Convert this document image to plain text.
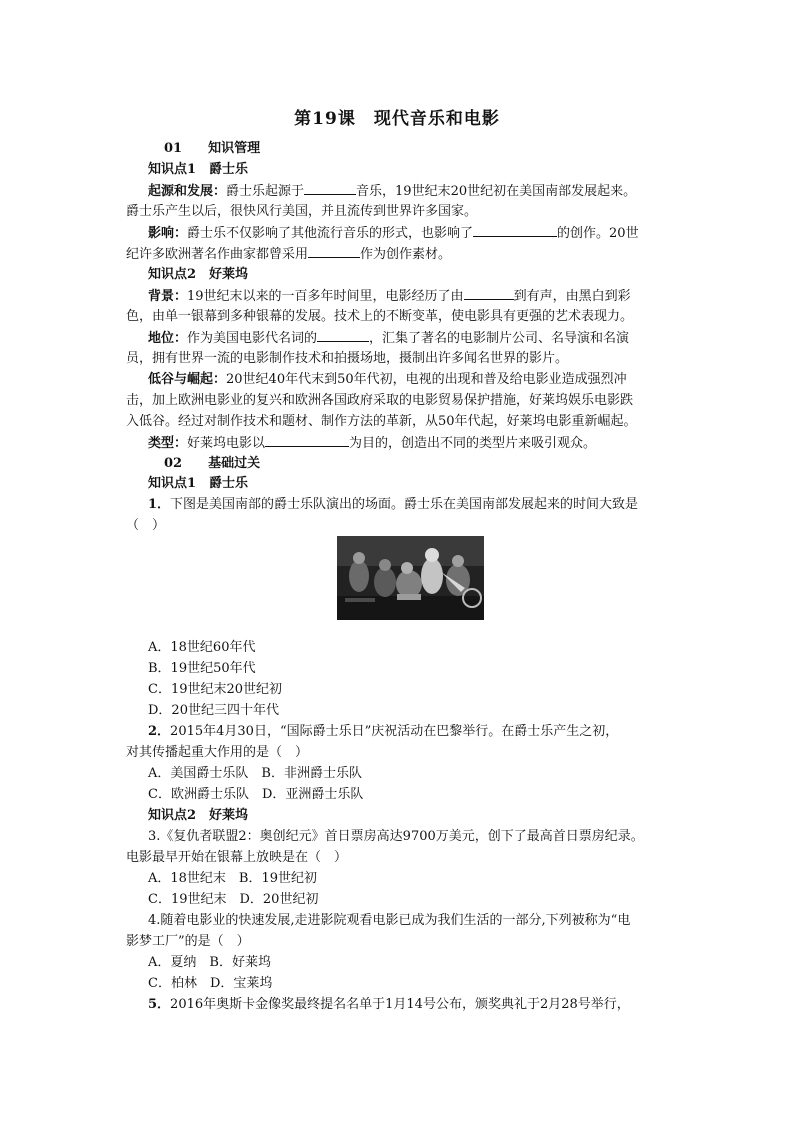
第19课　现代音乐和电影
01　　知识管理
知识点1　爵士乐
起源和发展：爵士乐起源于	音乐，19世纪末20世纪初在美国南部发展起来。
爵士乐产生以后，很快风行美国，并且流传到世界许多国家。
影响：爵士乐不仅影响了其他流行音乐的形式，也影响了	的创作。20世
纪许多欧洲著名作曲家都曾采用	作为创作素材。
知识点2　好莱坞
背景：19世纪末以来的一百多年时间里，电影经历了由	到有声，由黑白到彩
色，由单一银幕到多种银幕的发展。技术上的不断变革，使电影具有更强的艺术表现力。
地位：作为美国电影代名词的	，汇集了著名的电影制片公司、名导演和名演
员，拥有世界一流的电影制作技术和拍摄场地，摄制出许多闻名世界的影片。
低谷与崛起：20世纪40年代末到50年代初，电视的出现和普及给电影业造成强烈冲
击，加上欧洲电影业的复兴和欧洲各国政府采取的电影贸易保护措施，好莱坞娱乐电影跌
入低谷。经过对制作技术和题材、制作方法的革新，从50年代起，好莱坞电影重新崛起。
类型：好莱坞电影以	为目的，创造出不同的类型片来吸引观众。
02　　基础过关
知识点1　爵士乐
1．下图是美国南部的爵士乐队演出的场面。爵士乐在美国南部发展起来的时间大致是
（　）
A．18世纪60年代
B．19世纪50年代
C．19世纪末20世纪初
D．20世纪三四十年代
2．2015年4月30日，“国际爵士乐日”庆祝活动在巴黎举行。在爵士乐产生之初，
对其传播起重大作用的是（　）
A．美国爵士乐队　B．非洲爵士乐队
C．欧洲爵士乐队　D．亚洲爵士乐队
知识点2　好莱坞
3.《复仇者联盟2：奥创纪元》首日票房高达9700万美元，创下了最高首日票房纪录。
电影最早开始在银幕上放映是在（　）
A．18世纪末　B．19世纪初
C．19世纪末　D．20世纪初
4.随着电影业的快速发展,走进影院观看电影已成为我们生活的一部分,下列被称为“电
影梦工厂”的是（　）
A．夏纳　B．好莱坞
C．柏林　D．宝莱坞
5．2016年奥斯卡金像奖最终提名名单于1月14号公布，颁奖典礼于2月28号举行，
